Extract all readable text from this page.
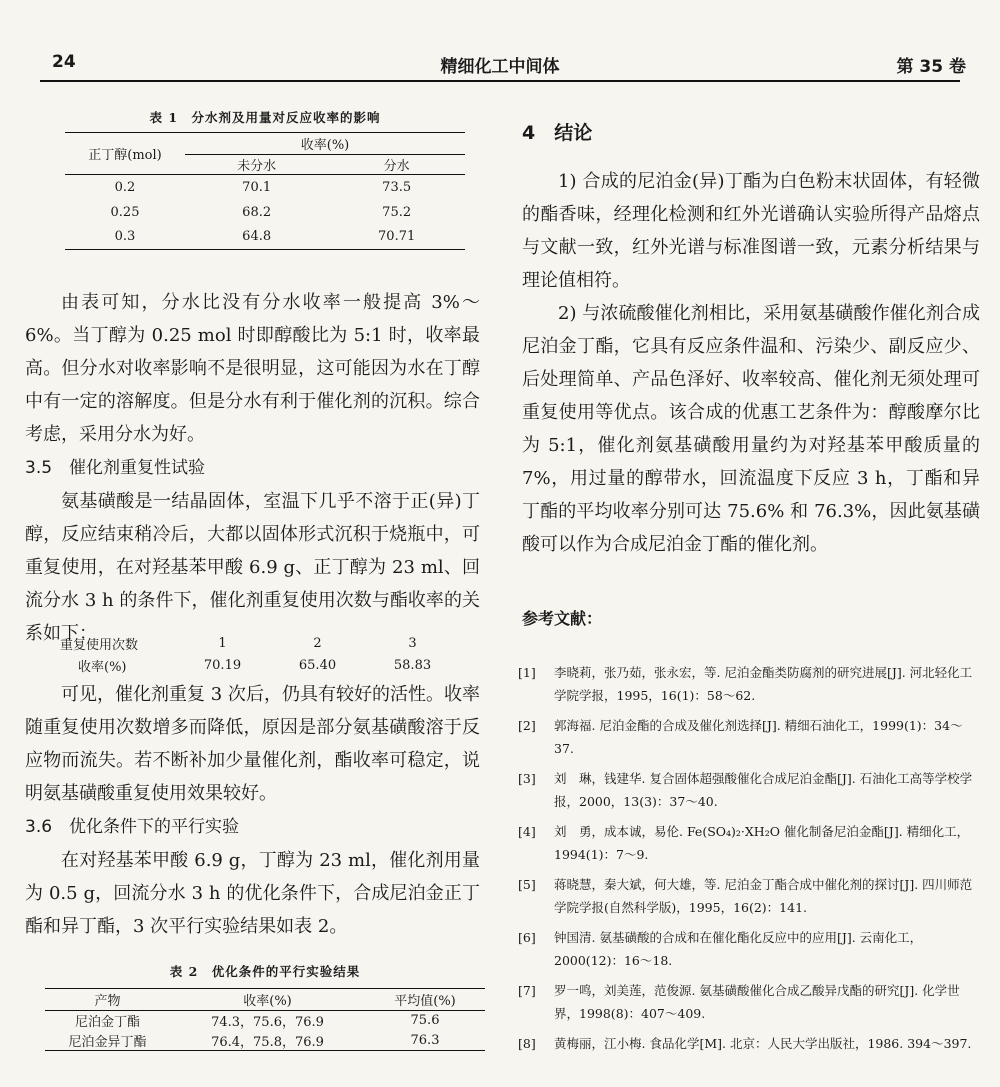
24	精细化工中间体	第 35 卷
表 1　分水剂及用量对反应收率的影响
正丁醇(mol)	收率(%)	
	未分水	分水
0.2	70.1	73.5
0.25	68.2	75.2
0.3	64.8	70.71

由表可知，分水比没有分水收率一般提高 3%～6%。当丁醇为 0.25 mol 时即醇酸比为 5:1 时，收率最高。但分水对收率影响不是很明显，这可能因为水在丁醇中有一定的溶解度。但是分水有利于催化剂的沉积。综合考虑，采用分水为好。

3.5　催化剂重复性试验

氨基磺酸是一结晶固体，室温下几乎不溶于正(异)丁醇，反应结束稍冷后，大都以固体形式沉积于烧瓶中，可重复使用，在对羟基苯甲酸 6.9 g、正丁醇为 23 ml、回流分水 3 h 的条件下，催化剂重复使用次数与酯收率的关系如下：

重复使用次数	1	2	3
收率(%)	70.19	65.40	58.83

可见，催化剂重复 3 次后，仍具有较好的活性。收率随重复使用次数增多而降低，原因是部分氨基磺酸溶于反应物而流失。若不断补加少量催化剂，酯收率可稳定，说明氨基磺酸重复使用效果较好。

3.6　优化条件下的平行实验

在对羟基苯甲酸 6.9 g，丁醇为 23 ml，催化剂用量为 0.5 g，回流分水 3 h 的优化条件下，合成尼泊金正丁酯和异丁酯，3 次平行实验结果如表 2。

表 2　优化条件的平行实验结果
产物	收率(%)	平均值(%)
尼泊金丁酯	74.3，75.6，76.9	75.6
尼泊金异丁酯	76.4，75.8，76.9	76.3
4　结论

1) 合成的尼泊金(异)丁酯为白色粉末状固体，有轻微的酯香味，经理化检测和红外光谱确认实验所得产品熔点与文献一致，红外光谱与标准图谱一致，元素分析结果与理论值相符。

2) 与浓硫酸催化剂相比，采用氨基磺酸作催化剂合成尼泊金丁酯，它具有反应条件温和、污染少、副反应少、后处理简单、产品色泽好、收率较高、催化剂无须处理可重复使用等优点。该合成的优惠工艺条件为：醇酸摩尔比为 5:1，催化剂氨基磺酸用量约为对羟基苯甲酸质量的 7%，用过量的醇带水，回流温度下反应 3 h，丁酯和异丁酯的平均收率分别可达 75.6% 和 76.3%，因此氨基磺酸可以作为合成尼泊金丁酯的催化剂。

参考文献：
[1]	李晓莉，张乃茹，张永宏，等. 尼泊金酯类防腐剂的研究进展[J]. 河北轻化工学院学报，1995，16(1)：58～62.
[2]	郭海福. 尼泊金酯的合成及催化剂选择[J]. 精细石油化工，1999(1)：34～37.
[3]	刘　琳，钱建华. 复合固体超强酸催化合成尼泊金酯[J]. 石油化工高等学校学报，2000，13(3)：37～40.
[4]	刘　勇，成本诚，易伦. Fe(SO₄)₂·XH₂O 催化制备尼泊金酯[J]. 精细化工，1994(1)：7～9.
[5]	蒋晓慧，秦大斌，何大雄，等. 尼泊金丁酯合成中催化剂的探讨[J]. 四川师范学院学报(自然科学版)，1995，16(2)：141.
[6]	钟国清. 氨基磺酸的合成和在催化酯化反应中的应用[J]. 云南化工，2000(12)：16～18.
[7]	罗一鸣，刘美莲，范俊源. 氨基磺酸催化合成乙酸异戊酯的研究[J]. 化学世界，1998(8)：407～409.
[8]	黄梅丽，江小梅. 食品化学[M]. 北京：人民大学出版社，1986. 394～397.
